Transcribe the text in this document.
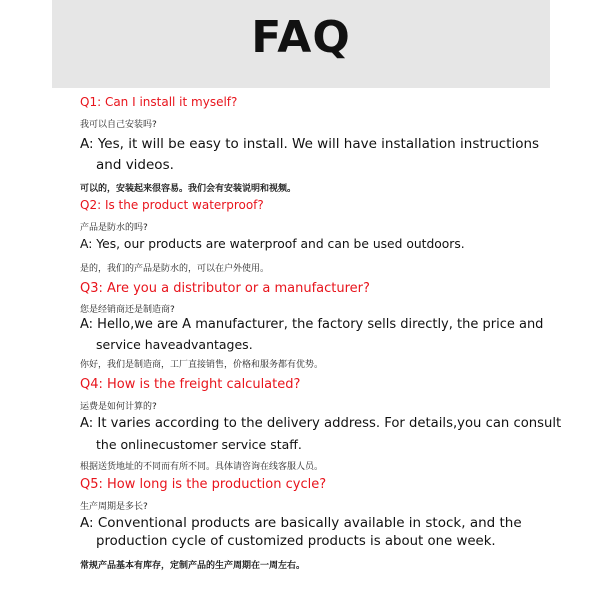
FAQ
Q1: Can I install it myself?
我可以自己安装吗?
A: Yes, it will be easy to install. We will have installation instructions
and videos.
可以的，安装起来很容易。我们会有安装说明和视频。
Q2: Is the product waterproof?
产品是防水的吗?
A: Yes, our products are waterproof and can be used outdoors.
是的，我们的产品是防水的，可以在户外使用。
Q3: Are you a distributor or a manufacturer?
您是经销商还是制造商?
A: Hello,we are A manufacturer, the factory sells directly, the price and
service haveadvantages.
你好，我们是制造商，工厂直接销售，价格和服务都有优势。
Q4: How is the freight calculated?
运费是如何计算的?
A: It varies according to the delivery address. For details,you can consult
the onlinecustomer service staff.
根据送货地址的不同而有所不同。具体请咨询在线客服人员。
Q5: How long is the production cycle?
生产周期是多长?
A: Conventional products are basically available in stock, and the
production cycle of customized products is about one week.
常规产品基本有库存，定制产品的生产周期在一周左右。
